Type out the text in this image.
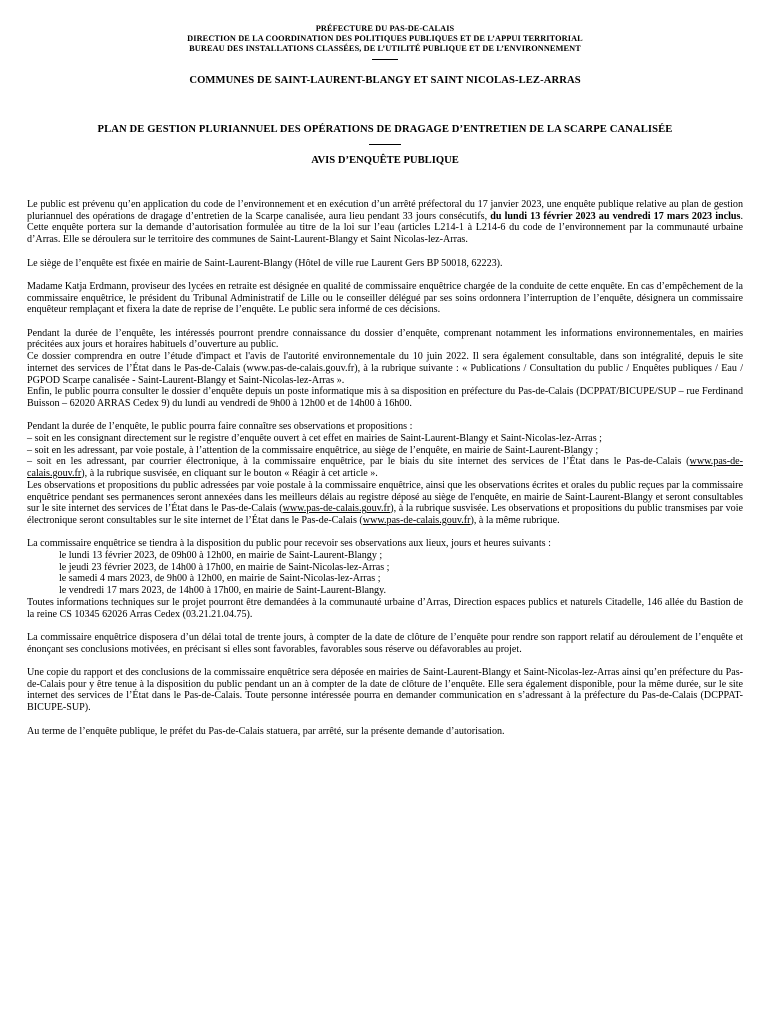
PRÉFECTURE DU PAS-DE-CALAIS
DIRECTION DE LA COORDINATION DES POLITIQUES PUBLIQUES ET DE L’APPUI TERRITORIAL
BUREAU DES INSTALLATIONS CLASSÉES, DE L’UTILITÉ PUBLIQUE ET DE L’ENVIRONNEMENT
COMMUNES DE SAINT-LAURENT-BLANGY ET SAINT NICOLAS-LEZ-ARRAS
PLAN DE GESTION PLURIANNUEL DES OPÉRATIONS DE DRAGAGE D’ENTRETIEN DE LA SCARPE CANALISÉE
AVIS D’ENQUÊTE PUBLIQUE

Le public est prévenu qu’en application du code de l’environnement et en exécution d’un arrêté préfectoral du 17 janvier 2023, une enquête publique relative au plan de gestion pluriannuel des opérations de dragage d’entretien de la Scarpe canalisée, aura lieu pendant 33 jours consécutifs, du lundi 13 février 2023 au vendredi 17 mars 2023 inclus. Cette enquête portera sur la demande d’autorisation formulée au titre de la loi sur l’eau (articles L214-1 à L214-6 du code de l’environnement par la communauté urbaine d’Arras. Elle se déroulera sur le territoire des communes de Saint-Laurent-Blangy et Saint Nicolas-lez-Arras.

Le siège de l’enquête est fixée en mairie de Saint-Laurent-Blangy (Hôtel de ville rue Laurent Gers BP 50018, 62223).

Madame Katja Erdmann, proviseur des lycées en retraite est désignée en qualité de commissaire enquêtrice chargée de la conduite de cette enquête. En cas d’empêchement de la commissaire enquêtrice, le président du Tribunal Administratif de Lille ou le conseiller délégué par ses soins ordonnera l’interruption de l’enquête, désignera un commissaire enquêteur remplaçant et fixera la date de reprise de l’enquête. Le public sera informé de ces décisions.

Pendant la durée de l’enquête, les intéressés pourront prendre connaissance du dossier d’enquête, comprenant notamment les informations environnementales, en mairies précitées aux jours et horaires habituels d’ouverture au public.
Ce dossier comprendra en outre l’étude d'impact et l'avis de l'autorité environnementale du 10 juin 2022. Il sera également consultable, dans son intégralité, depuis le site internet des services de l’État dans le Pas-de-Calais (www.pas-de-calais.gouv.fr), à la rubrique suivante : « Publications / Consultation du public / Enquêtes publiques / Eau / PGPOD Scarpe canalisée - Saint-Laurent-Blangy et Saint-Nicolas-lez-Arras ».
Enfin, le public pourra consulter le dossier d’enquête depuis un poste informatique mis à sa disposition en préfecture du Pas-de-Calais (DCPPAT/BICUPE/SUP – rue Ferdinand Buisson – 62020 ARRAS Cedex 9) du lundi au vendredi de 9h00 à 12h00 et de 14h00 à 16h00.

Pendant la durée de l’enquête, le public pourra faire connaître ses observations et propositions :
– soit en les consignant directement sur le registre d’enquête ouvert à cet effet en mairies de Saint-Laurent-Blangy et Saint-Nicolas-lez-Arras ;
– soit en les adressant, par voie postale, à l’attention de la commissaire enquêtrice, au siège de l’enquête, en mairie de Saint-Laurent-Blangy ;
– soit en les adressant, par courrier électronique, à la commissaire enquêtrice, par le biais du site internet des services de l’État dans le Pas-de-Calais (www.pas-de-calais.gouv.fr), à la rubrique susvisée, en cliquant sur le bouton « Réagir à cet article ».
Les observations et propositions du public adressées par voie postale à la commissaire enquêtrice, ainsi que les observations écrites et orales du public reçues par la commissaire enquêtrice pendant ses permanences seront annexées dans les meilleurs délais au registre déposé au siège de l'enquête, en mairie de Saint-Laurent-Blangy et seront consultables sur le site internet des services de l’État dans le Pas-de-Calais (www.pas-de-calais.gouv.fr), à la rubrique susvisée. Les observations et propositions du public transmises par voie électronique seront consultables sur le site internet de l’État dans le Pas-de-Calais (www.pas-de-calais.gouv.fr), à la même rubrique.

La commissaire enquêtrice se tiendra à la disposition du public pour recevoir ses observations aux lieux, jours et heures suivants :
le lundi 13 février 2023, de 09h00 à 12h00, en mairie de Saint-Laurent-Blangy ;
le jeudi 23 février 2023, de 14h00 à 17h00, en mairie de Saint-Nicolas-lez-Arras ;
le samedi 4 mars 2023, de 9h00 à 12h00, en mairie de Saint-Nicolas-lez-Arras ;
le vendredi 17 mars 2023, de 14h00 à 17h00, en mairie de Saint-Laurent-Blangy.
Toutes informations techniques sur le projet pourront être demandées à la communauté urbaine d’Arras, Direction espaces publics et naturels Citadelle, 146 allée du Bastion de la reine CS 10345 62026 Arras Cedex (03.21.21.04.75).

La commissaire enquêtrice disposera d’un délai total de trente jours, à compter de la date de clôture de l’enquête pour rendre son rapport relatif au déroulement de l’enquête et énonçant ses conclusions motivées, en précisant si elles sont favorables, favorables sous réserve ou défavorables au projet.

Une copie du rapport et des conclusions de la commissaire enquêtrice sera déposée en mairies de Saint-Laurent-Blangy et Saint-Nicolas-lez-Arras ainsi qu’en préfecture du Pas-de-Calais pour y être tenue à la disposition du public pendant un an à compter de la date de clôture de l’enquête. Elle sera également disponible, pour la même durée, sur le site internet des services de l’État dans le Pas-de-Calais. Toute personne intéressée pourra en demander communication en s’adressant à la préfecture du Pas-de-Calais (DCPPAT-BICUPE-SUP).

Au terme de l’enquête publique, le préfet du Pas-de-Calais statuera, par arrêté, sur la présente demande d’autorisation.
